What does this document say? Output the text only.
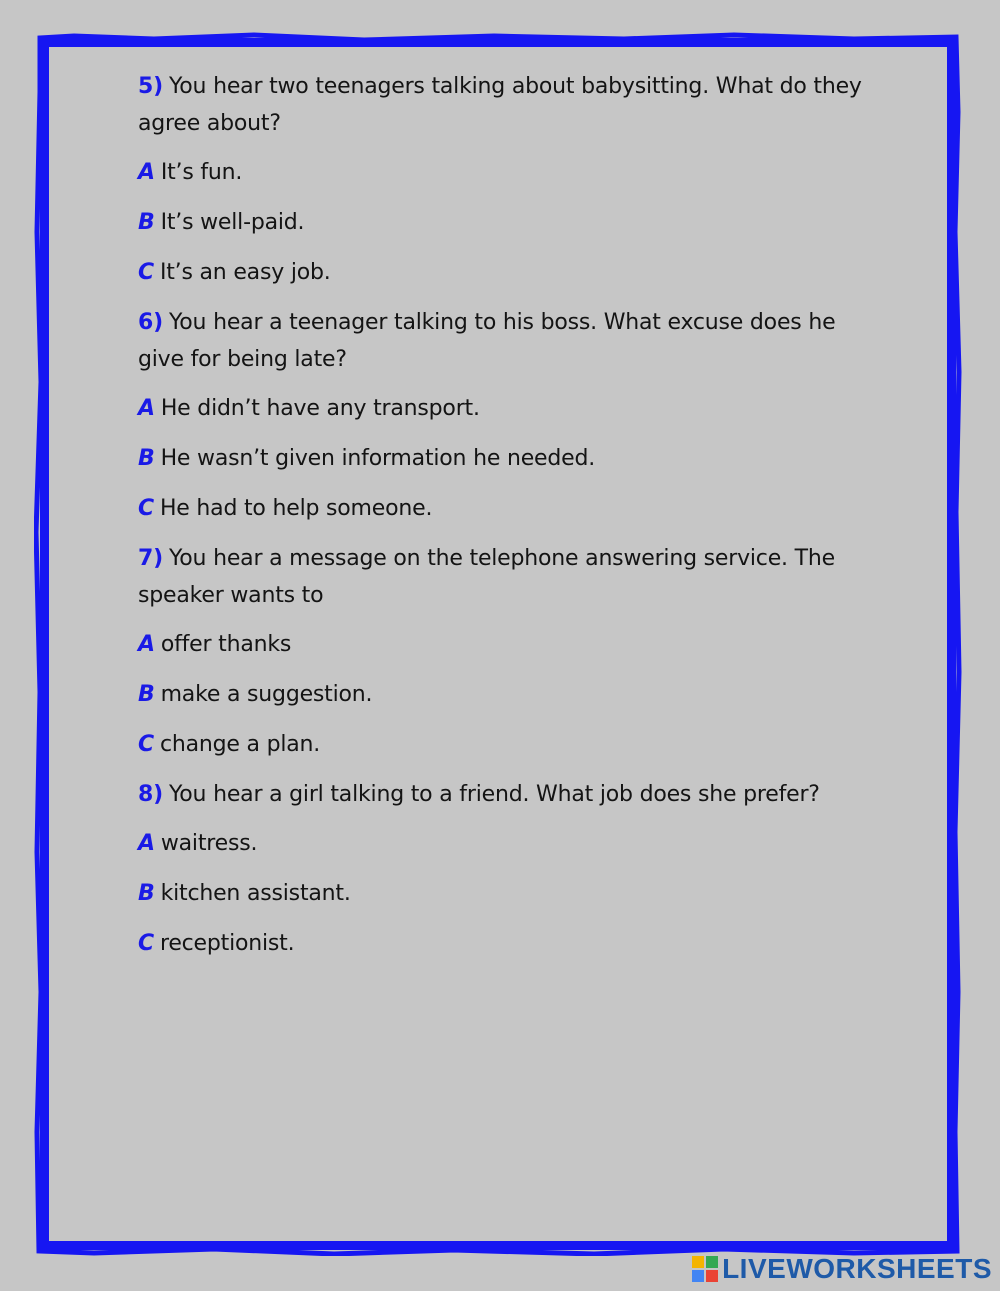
5) You hear two teenagers talking about babysitting. What do they agree about?

A It’s fun.

B It’s well-paid.

C It’s an easy job.

6) You hear a teenager talking to his boss. What excuse does he give for being late?

A He didn’t have any transport.

B He wasn’t given information he needed.

C He had to help someone.

7) You hear a message on the telephone answering service. The speaker wants to

A offer thanks

B make a suggestion.

C change a plan.

8) You hear a girl talking to a friend. What job does she prefer?

A waitress.

B kitchen assistant.

C receptionist.

LIVEWORKSHEETS
